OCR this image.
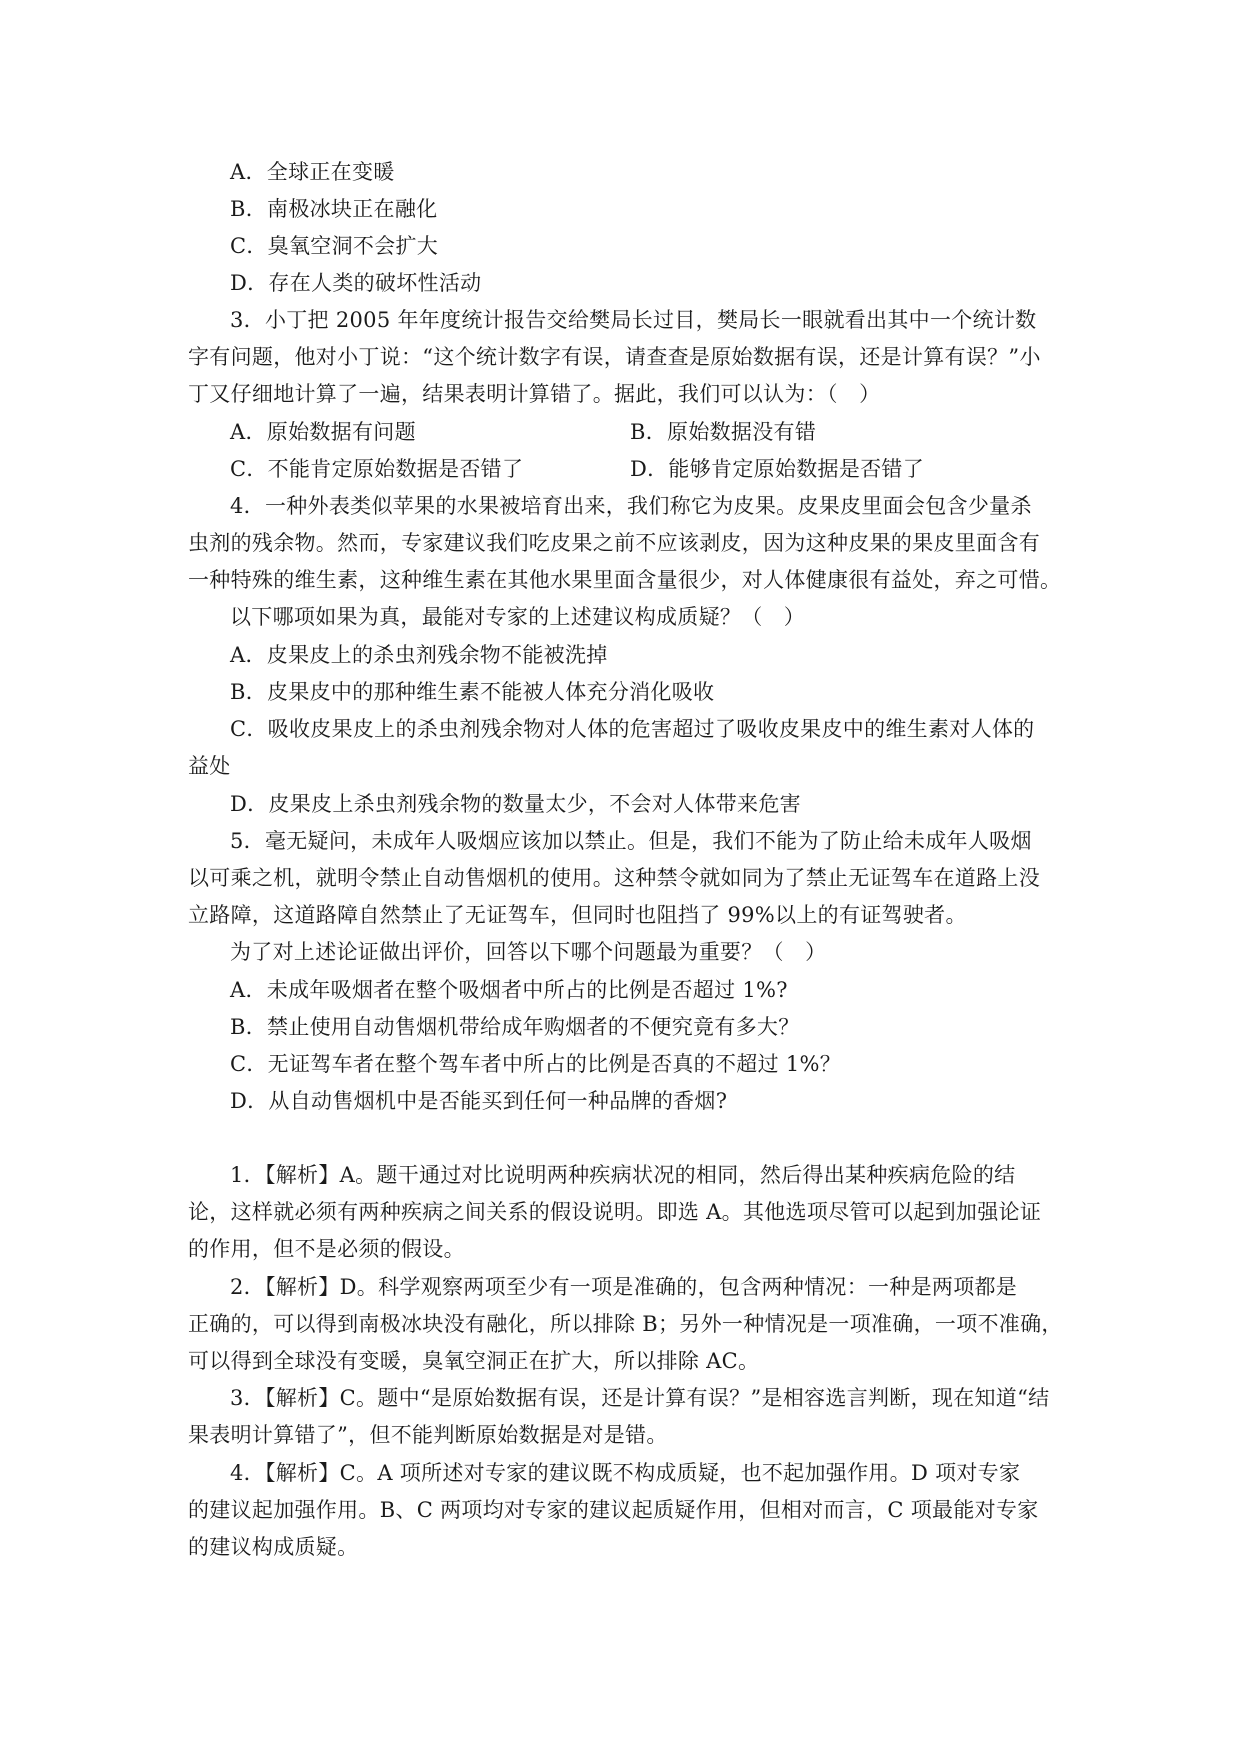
A．全球正在变暖
B．南极冰块正在融化
C．臭氧空洞不会扩大
D．存在人类的破坏性活动
3．小丁把 2005 年年度统计报告交给樊局长过目，樊局长一眼就看出其中一个统计数
字有问题，他对小丁说：“这个统计数字有误，请查查是原始数据有误，还是计算有误？”小
丁又仔细地计算了一遍，结果表明计算错了。据此，我们可以认为：（　）
A．原始数据有问题	B．原始数据没有错
C．不能肯定原始数据是否错了	D．能够肯定原始数据是否错了
4．一种外表类似苹果的水果被培育出来，我们称它为皮果。皮果皮里面会包含少量杀
虫剂的残余物。然而，专家建议我们吃皮果之前不应该剥皮，因为这种皮果的果皮里面含有
一种特殊的维生素，这种维生素在其他水果里面含量很少，对人体健康很有益处，弃之可惜。
以下哪项如果为真，最能对专家的上述建议构成质疑？（　）
A．皮果皮上的杀虫剂残余物不能被洗掉
B．皮果皮中的那种维生素不能被人体充分消化吸收
C．吸收皮果皮上的杀虫剂残余物对人体的危害超过了吸收皮果皮中的维生素对人体的
益处
D．皮果皮上杀虫剂残余物的数量太少，不会对人体带来危害
5．毫无疑问，未成年人吸烟应该加以禁止。但是，我们不能为了防止给未成年人吸烟
以可乘之机，就明令禁止自动售烟机的使用。这种禁令就如同为了禁止无证驾车在道路上没
立路障，这道路障自然禁止了无证驾车，但同时也阻挡了 99%以上的有证驾驶者。
为了对上述论证做出评价，回答以下哪个问题最为重要？（　）
A．未成年吸烟者在整个吸烟者中所占的比例是否超过 1%?
B．禁止使用自动售烟机带给成年购烟者的不便究竟有多大？
C．无证驾车者在整个驾车者中所占的比例是否真的不超过 1%？
D．从自动售烟机中是否能买到任何一种品牌的香烟?
1．【解析】A。题干通过对比说明两种疾病状况的相同，然后得出某种疾病危险的结
论，这样就必须有两种疾病之间关系的假设说明。即选 A。其他选项尽管可以起到加强论证
的作用，但不是必须的假设。
2．【解析】D。科学观察两项至少有一项是准确的，包含两种情况：一种是两项都是
正确的，可以得到南极冰块没有融化，所以排除 B；另外一种情况是一项准确，一项不准确，
可以得到全球没有变暖，臭氧空洞正在扩大，所以排除 AC。
3．【解析】C。题中“是原始数据有误，还是计算有误？”是相容选言判断，现在知道“结
果表明计算错了”，但不能判断原始数据是对是错。
4．【解析】C。A 项所述对专家的建议既不构成质疑，也不起加强作用。D 项对专家
的建议起加强作用。B、C 两项均对专家的建议起质疑作用，但相对而言，C 项最能对专家
的建议构成质疑。
